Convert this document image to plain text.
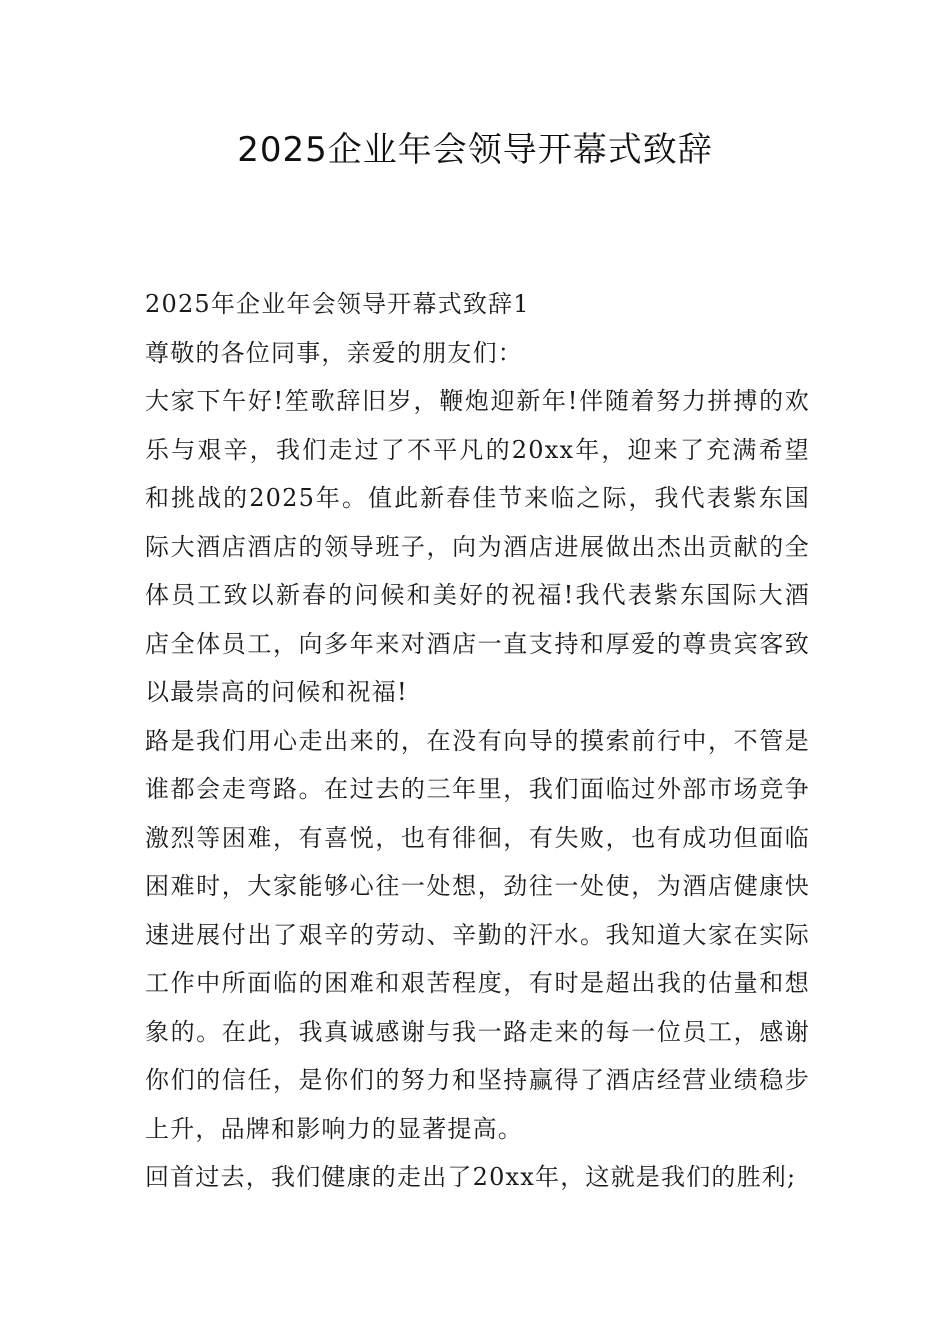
2025企业年会领导开幕式致辞

2025年企业年会领导开幕式致辞1

尊敬的各位同事，亲爱的朋友们：

大家下午好!笙歌辞旧岁，鞭炮迎新年!伴随着努力拼搏的欢乐与艰辛，我们走过了不平凡的20xx年，迎来了充满希望和挑战的2025年。值此新春佳节来临之际，我代表紫东国际大酒店酒店的领导班子，向为酒店进展做出杰出贡献的全体员工致以新春的问候和美好的祝福!我代表紫东国际大酒店全体员工，向多年来对酒店一直支持和厚爱的尊贵宾客致以最崇高的问候和祝福!

路是我们用心走出来的，在没有向导的摸索前行中，不管是谁都会走弯路。在过去的三年里，我们面临过外部市场竞争激烈等困难，有喜悦，也有徘徊，有失败，也有成功但面临困难时，大家能够心往一处想，劲往一处使，为酒店健康快速进展付出了艰辛的劳动、辛勤的汗水。我知道大家在实际工作中所面临的困难和艰苦程度，有时是超出我的估量和想象的。在此，我真诚感谢与我一路走来的每一位员工，感谢你们的信任，是你们的努力和坚持赢得了酒店经营业绩稳步上升，品牌和影响力的显著提高。

回首过去，我们健康的走出了20xx年，这就是我们的胜利;
